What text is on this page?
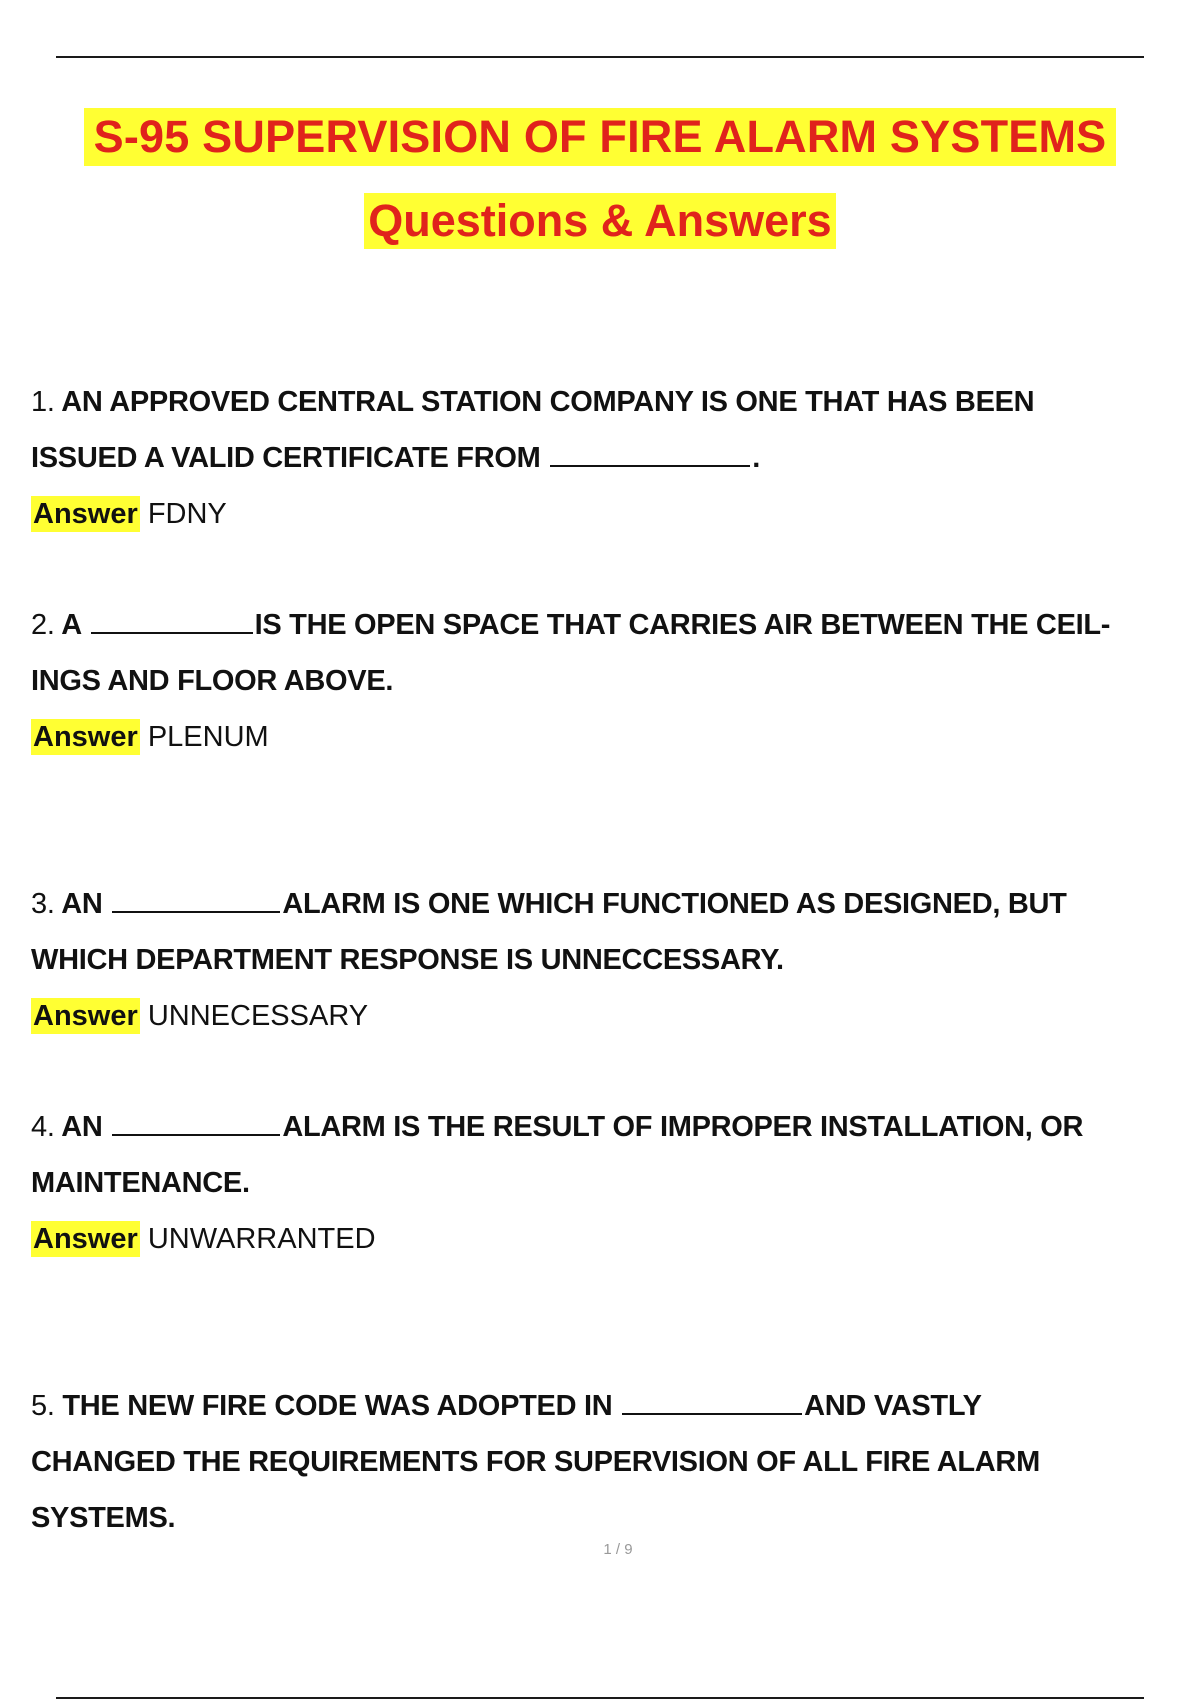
S-95 SUPERVISION OF FIRE ALARM SYSTEMS
Questions & Answers
1. AN APPROVED CENTRAL STATION COMPANY IS ONE THAT HAS BEEN
ISSUED A VALID CERTIFICATE FROM	.
Answer FDNY
2. A	IS THE OPEN SPACE THAT CARRIES AIR BETWEEN THE CEIL-
INGS AND FLOOR ABOVE.
Answer PLENUM
3. AN	ALARM IS ONE WHICH FUNCTIONED AS DESIGNED, BUT
WHICH DEPARTMENT RESPONSE IS UNNECCESSARY.
Answer UNNECESSARY
4. AN	ALARM IS THE RESULT OF IMPROPER INSTALLATION, OR
MAINTENANCE.
Answer UNWARRANTED
5. THE NEW FIRE CODE WAS ADOPTED IN	AND VASTLY
CHANGED THE REQUIREMENTS FOR SUPERVISION OF ALL FIRE ALARM
SYSTEMS.
1 / 9
